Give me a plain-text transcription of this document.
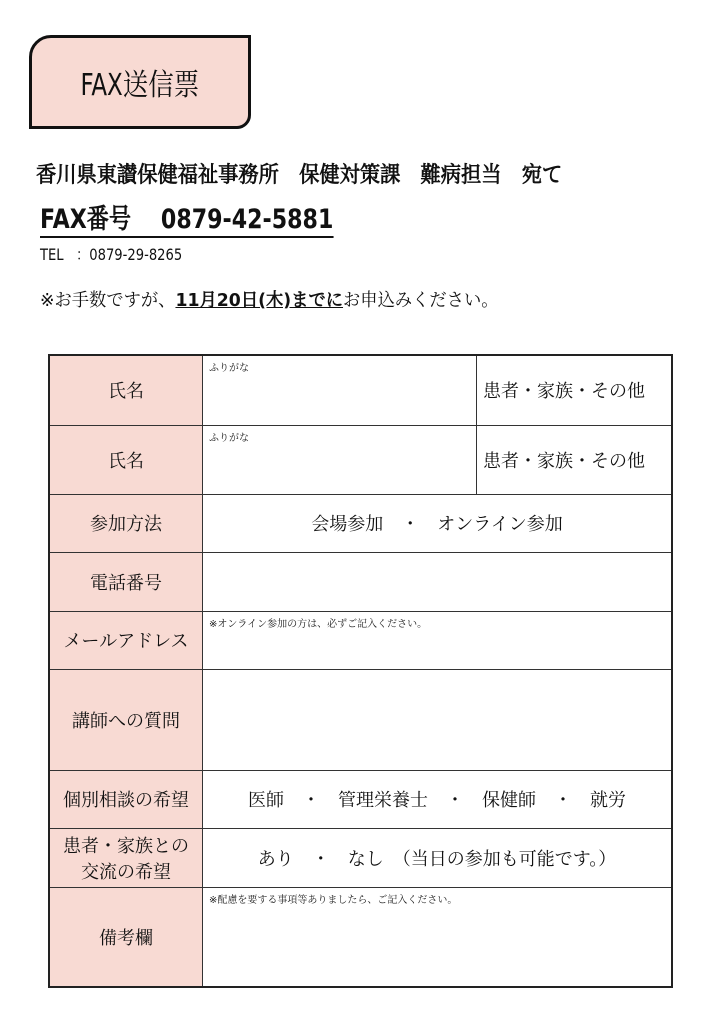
FAX送信票
香川県東讃保健福祉事務所　保健対策課　難病担当　宛て
FAX番号　 0879-42-5881
TEL ：0879-29-8265
※お手数ですが、11月20日(木)までにお申込みください。
氏名	ふりがな	患者・家族・その他
氏名	ふりがな	患者・家族・その他
参加方法	会場参加　・　オンライン参加	
電話番号		
メールアドレス	※オンライン参加の方は、必ずご記入ください。	

講師への質問		
個別相談の希望	医師　・　管理栄養士　・　保健師　・　就労	

患者・家族との
交流の希望	あり　・　なし　（当日の参加も可能です。）	
備考欄	※配慮を要する事項等ありましたら、ご記入ください。	
